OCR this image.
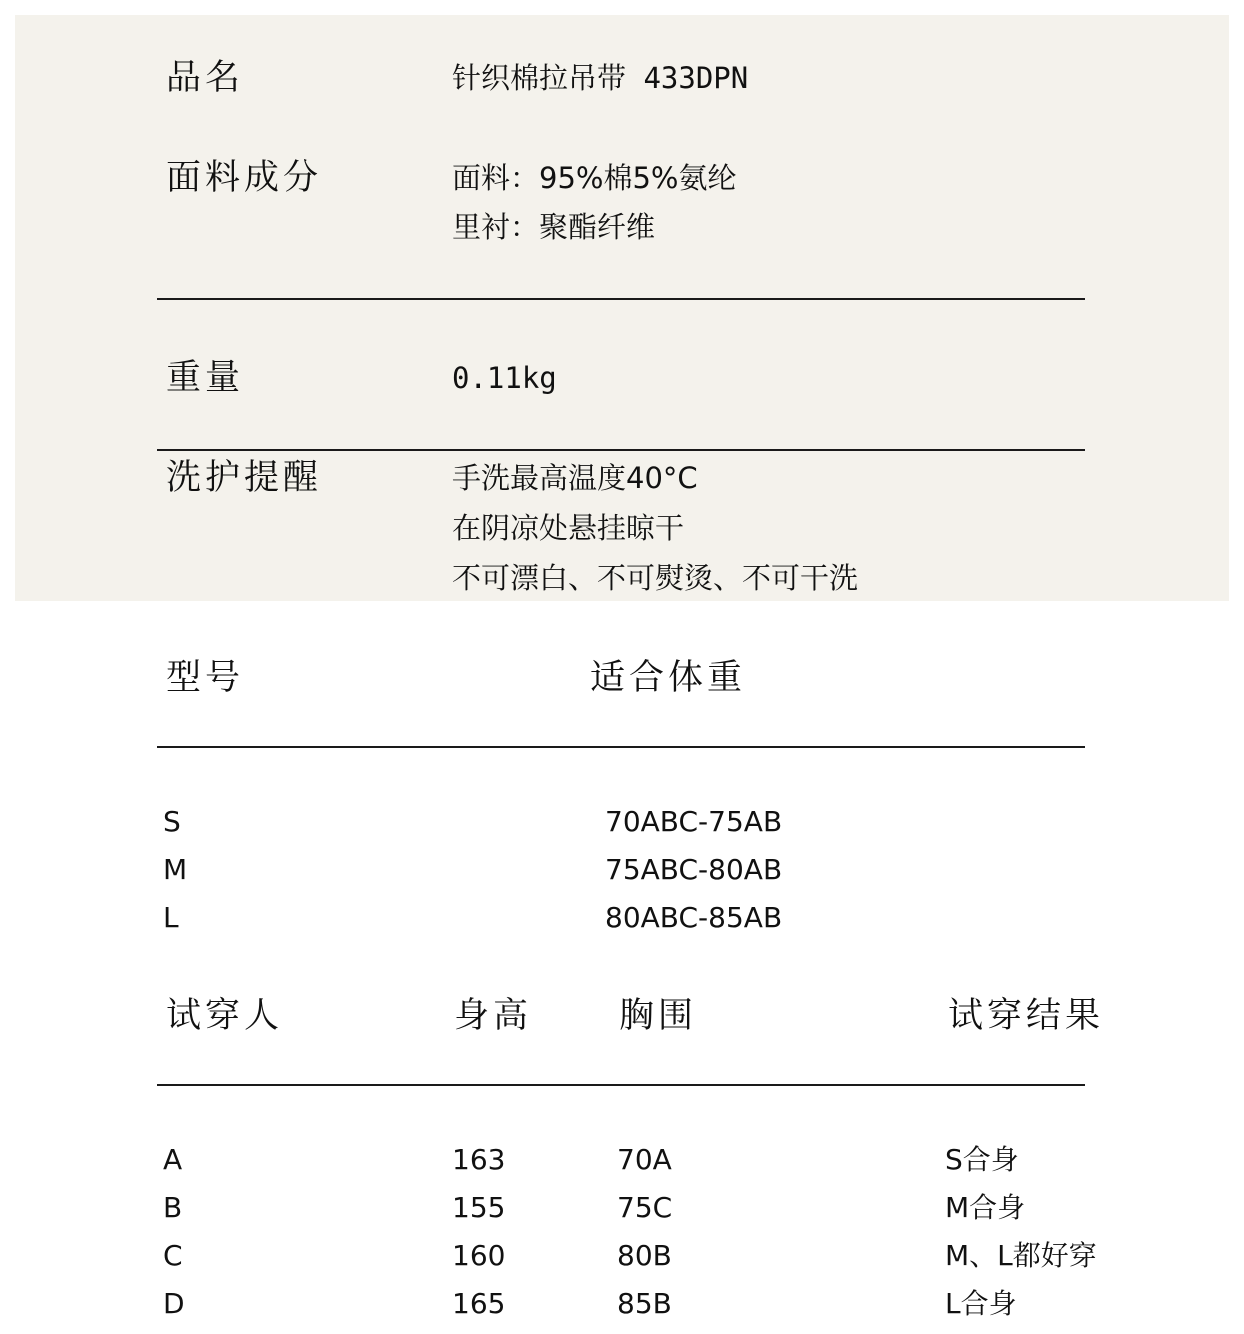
品名	针织棉拉吊带 433DPN
面料成分	面料：95%棉5%氨纶
里衬：聚酯纤维
重量	0.11kg
洗护提醒	手洗最高温度40°C
在阴凉处悬挂晾干
不可漂白、不可熨烫、不可干洗
型号	适合体重
S	70ABC-75AB
M	75ABC-80AB
L	80ABC-85AB
试穿人	身高 胸围	试穿结果
A	163	70A	S合身
B	155	75C	M合身
C	160	80B	M、L都好穿
D	165	85B	L合身
